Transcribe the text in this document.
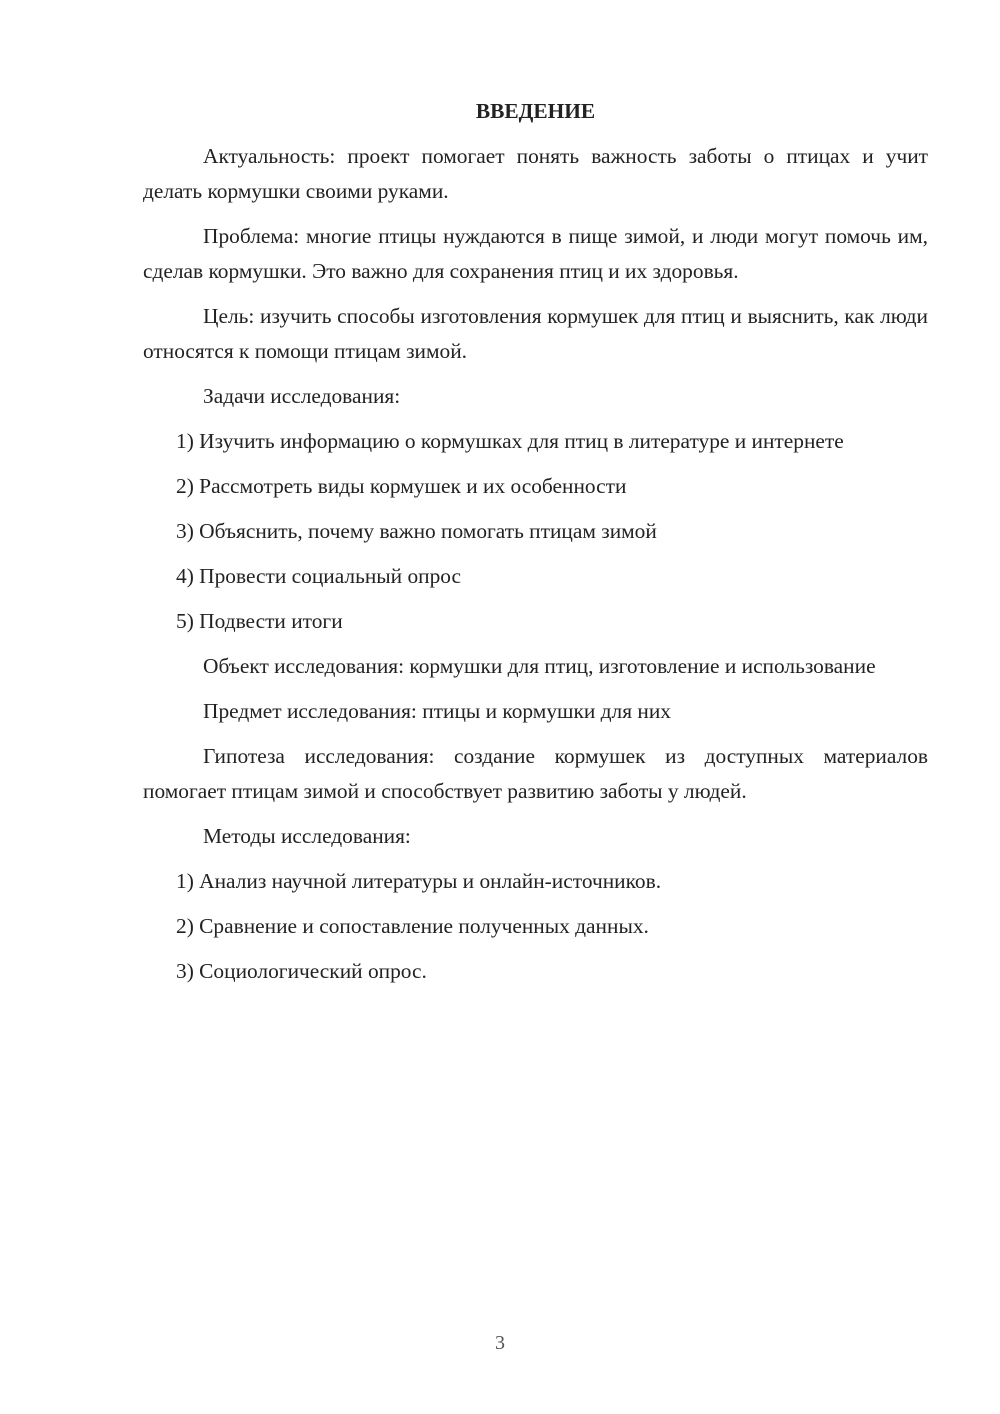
ВВЕДЕНИЕ
Актуальность: проект помогает понять важность заботы о птицах и учит делать кормушки своими руками.
Проблема: многие птицы нуждаются в пище зимой, и люди могут помочь им, сделав кормушки. Это важно для сохранения птиц и их здоровья.
Цель: изучить способы изготовления кормушек для птиц и выяснить, как люди относятся к помощи птицам зимой.
Задачи исследования:
1) Изучить информацию о кормушках для птиц в литературе и интернете
2) Рассмотреть виды кормушек и их особенности
3) Объяснить, почему важно помогать птицам зимой
4) Провести социальный опрос
5) Подвести итоги
Объект исследования: кормушки для птиц, изготовление и использование
Предмет исследования: птицы и кормушки для них
Гипотеза исследования: создание кормушек из доступных материалов помогает птицам зимой и способствует развитию заботы у людей.
Методы исследования:
1) Анализ научной литературы и онлайн-источников.
2) Сравнение и сопоставление полученных данных.
3) Социологический опрос.
3
